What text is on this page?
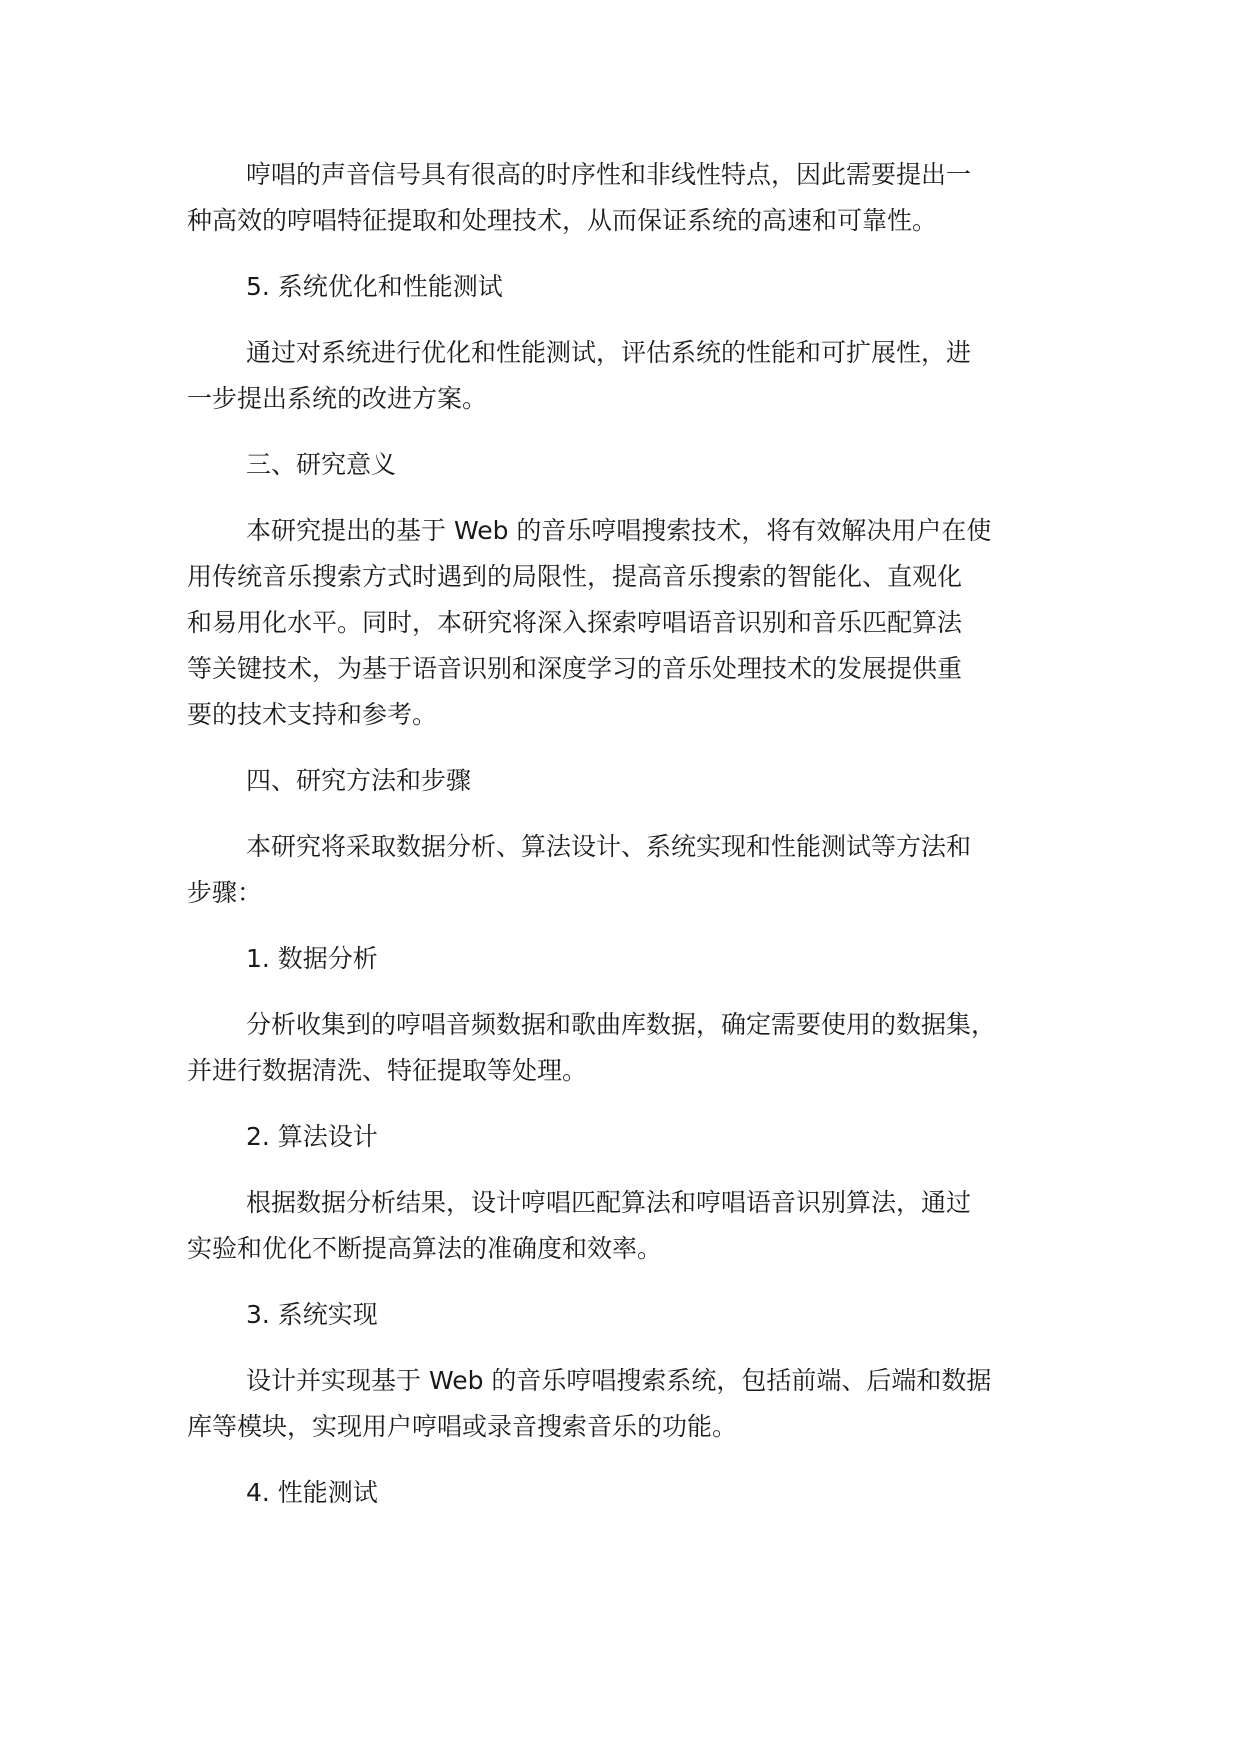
哼唱的声音信号具有很高的时序性和非线性特点，因此需要提出一
种高效的哼唱特征提取和处理技术，从而保证系统的高速和可靠性。
5. 系统优化和性能测试
通过对系统进行优化和性能测试，评估系统的性能和可扩展性，进
一步提出系统的改进方案。
三、研究意义
本研究提出的基于 Web 的音乐哼唱搜索技术，将有效解决用户在使
用传统音乐搜索方式时遇到的局限性，提高音乐搜索的智能化、直观化
和易用化水平。同时，本研究将深入探索哼唱语音识别和音乐匹配算法
等关键技术，为基于语音识别和深度学习的音乐处理技术的发展提供重
要的技术支持和参考。
四、研究方法和步骤
本研究将采取数据分析、算法设计、系统实现和性能测试等方法和
步骤：
1. 数据分析
分析收集到的哼唱音频数据和歌曲库数据，确定需要使用的数据集，
并进行数据清洗、特征提取等处理。
2. 算法设计
根据数据分析结果，设计哼唱匹配算法和哼唱语音识别算法，通过
实验和优化不断提高算法的准确度和效率。
3. 系统实现
设计并实现基于 Web 的音乐哼唱搜索系统，包括前端、后端和数据
库等模块，实现用户哼唱或录音搜索音乐的功能。
4. 性能测试
